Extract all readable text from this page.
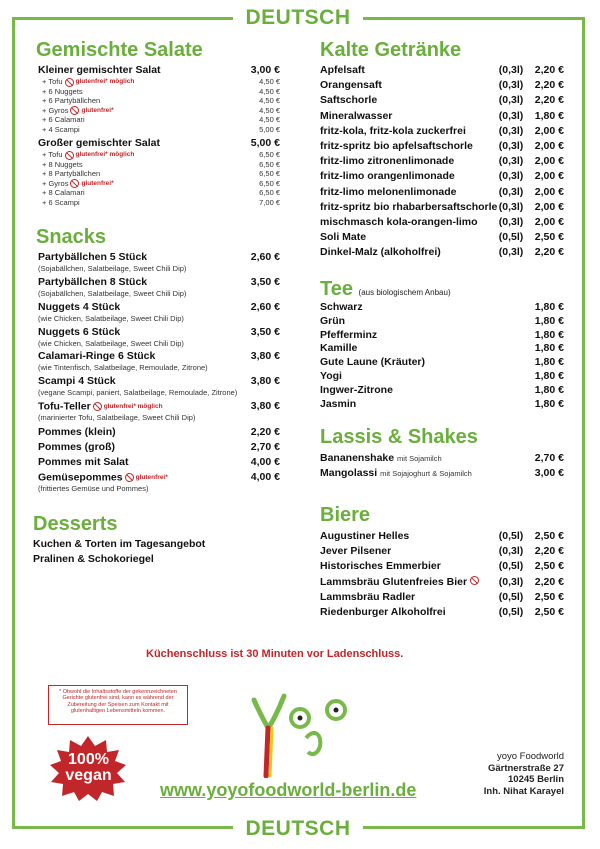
DEUTSCH
DEUTSCH
Gemischte Salate
Kleiner gemischter Salat	3,00 €
+ Tofu glutenfrei* möglich	4,50 €
+ 6 Nuggets	4,50 €
+ 6 Partybällchen	4,50 €
+ Gyros glutenfrei*	4,50 €
+ 6 Calamari	4,50 €
+ 4 Scampi	5,00 €
Großer gemischter Salat	5,00 €
+ Tofu glutenfrei* möglich	6,50 €
+ 8 Nuggets	6,50 €
+ 8 Partybällchen	6,50 €
+ Gyros glutenfrei*	6,50 €
+ 8 Calamari	6,50 €
+ 6 Scampi	7,00 €
Snacks
Partybällchen 5 Stück	2,60 €
(Sojabällchen, Salatbeilage, Sweet Chili Dip)
Partybällchen 8 Stück	3,50 €
(Sojabällchen, Salatbeilage, Sweet Chili Dip)
Nuggets 4 Stück	2,60 €
(wie Chicken, Salatbeilage, Sweet Chili Dip)
Nuggets 6 Stück	3,50 €
(wie Chicken, Salatbeilage, Sweet Chili Dip)
Calamari-Ringe 6 Stück	3,80 €
(wie Tintenfisch, Salatbeilage, Remoulade, Zitrone)
Scampi 4 Stück	3,80 €
(vegane Scampi, paniert, Salatbeilage, Remoulade, Zitrone)
Tofu-Teller glutenfrei* möglich	3,80 €
(marinierter Tofu, Salatbeilage, Sweet Chili Dip)
Pommes (klein)	2,20 €
Pommes (groß)	2,70 €
Pommes mit Salat	4,00 €
Gemüsepommes glutenfrei*	4,00 €
(frittiertes Gemüse und Pommes)
Desserts
Kuchen & Torten im Tagesangebot
Pralinen & Schokoriegel
Kalte Getränke
Apfelsaft	(0,3l)	2,20 €
Orangensaft	(0,3l)	2,20 €
Saftschorle	(0,3l)	2,20 €
Mineralwasser	(0,3l)	1,80 €
fritz-kola, fritz-kola zuckerfrei	(0,3l)	2,00 €
fritz-spritz bio apfelsaftschorle	(0,3l)	2,00 €
fritz-limo zitronenlimonade	(0,3l)	2,00 €
fritz-limo orangenlimonade	(0,3l)	2,00 €
fritz-limo melonenlimonade	(0,3l)	2,00 €
fritz-spritz bio rhabarbersaftschorle (0,3l)	2,00 €
mischmasch kola-orangen-limo	(0,3l)	2,00 €
Soli Mate	(0,5l)	2,50 €
Dinkel-Malz (alkoholfrei)	(0,3l)	2,20 €
Tee (aus biologischem Anbau)
Schwarz	1,80 €
Grün	1,80 €
Pfefferminz	1,80 €
Kamille	1,80 €
Gute Laune (Kräuter)	1,80 €
Yogi	1,80 €
Ingwer-Zitrone	1,80 €
Jasmin	1,80 €
Lassis & Shakes
Bananenshake mit Sojamilch	2,70 €
Mangolassi mit Sojajoghurt & Sojamilch	3,00 €
Biere
Augustiner Helles	(0,5l)	2,50 €
Jever Pilsener	(0,3l)	2,20 €
Historisches Emmerbier	(0,5l)	2,50 €
Lammsbräu Glutenfreies Bier	(0,3l)	2,20 €
Lammsbräu Radler	(0,5l)	2,50 €
Riedenburger Alkoholfrei	(0,5l)	2,50 €
Küchenschluss ist 30 Minuten vor Ladenschluss.
* Obwohl die Inhaltsstoffe der gekennzeichneten Gerichte glutenfrei sind, kann es während der Zubereitung der Speisen zum Kontakt mit glutenhaltigen Lebensmitteln kommen.
100%
vegan
www.yoyofoodworld-berlin.de
yoyo Foodworld
Gärtnerstraße 27
10245 Berlin
Inh. Nihat Karayel
